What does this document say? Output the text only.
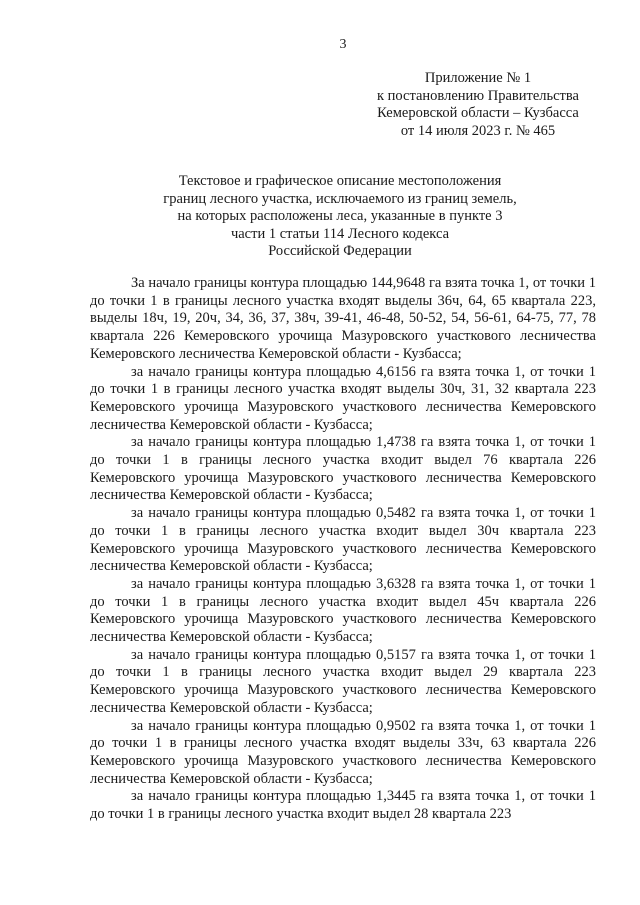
3
Приложение № 1
к постановлению Правительства
Кемеровской области – Кузбасса
от 14 июля 2023 г. № 465
Текстовое и графическое описание местоположения
границ лесного участка, исключаемого из границ земель,
на которых расположены леса, указанные в пункте 3
части 1 статьи 114 Лесного кодекса
Российской Федерации

За начало границы контура площадью 144,9648 га взята точка 1, от точки 1 до точки 1 в границы лесного участка входят выделы 36ч, 64, 65 квартала 223, выделы 18ч, 19, 20ч, 34, 36, 37, 38ч, 39-41, 46-48, 50-52, 54, 56-61, 64-75, 77, 78 квартала 226 Кемеровского урочища Мазуровского участкового лесничества Кемеровского лесничества Кемеровской области - Кузбасса;

за начало границы контура площадью 4,6156 га взята точка 1, от точки 1 до точки 1 в границы лесного участка входят выделы 30ч, 31, 32 квартала 223 Кемеровского урочища Мазуровского участкового лесничества Кемеровского лесничества Кемеровской области - Кузбасса;

за начало границы контура площадью 1,4738 га взята точка 1, от точки 1 до точки 1 в границы лесного участка входит выдел 76 квартала 226 Кемеровского урочища Мазуровского участкового лесничества Кемеровского лесничества Кемеровской области - Кузбасса;

за начало границы контура площадью 0,5482 га взята точка 1, от точки 1 до точки 1 в границы лесного участка входит выдел 30ч квартала 223 Кемеровского урочища Мазуровского участкового лесничества Кемеровского лесничества Кемеровской области - Кузбасса;

за начало границы контура площадью 3,6328 га взята точка 1, от точки 1 до точки 1 в границы лесного участка входит выдел 45ч квартала 226 Кемеровского урочища Мазуровского участкового лесничества Кемеровского лесничества Кемеровской области - Кузбасса;

за начало границы контура площадью 0,5157 га взята точка 1, от точки 1 до точки 1 в границы лесного участка входит выдел 29 квартала 223 Кемеровского урочища Мазуровского участкового лесничества Кемеровского лесничества Кемеровской области - Кузбасса;

за начало границы контура площадью 0,9502 га взята точка 1, от точки 1 до точки 1 в границы лесного участка входят выделы 33ч, 63 квартала 226 Кемеровского урочища Мазуровского участкового лесничества Кемеровского лесничества Кемеровской области - Кузбасса;

за начало границы контура площадью 1,3445 га взята точка 1, от точки 1 до точки 1 в границы лесного участка входит выдел 28 квартала 223
